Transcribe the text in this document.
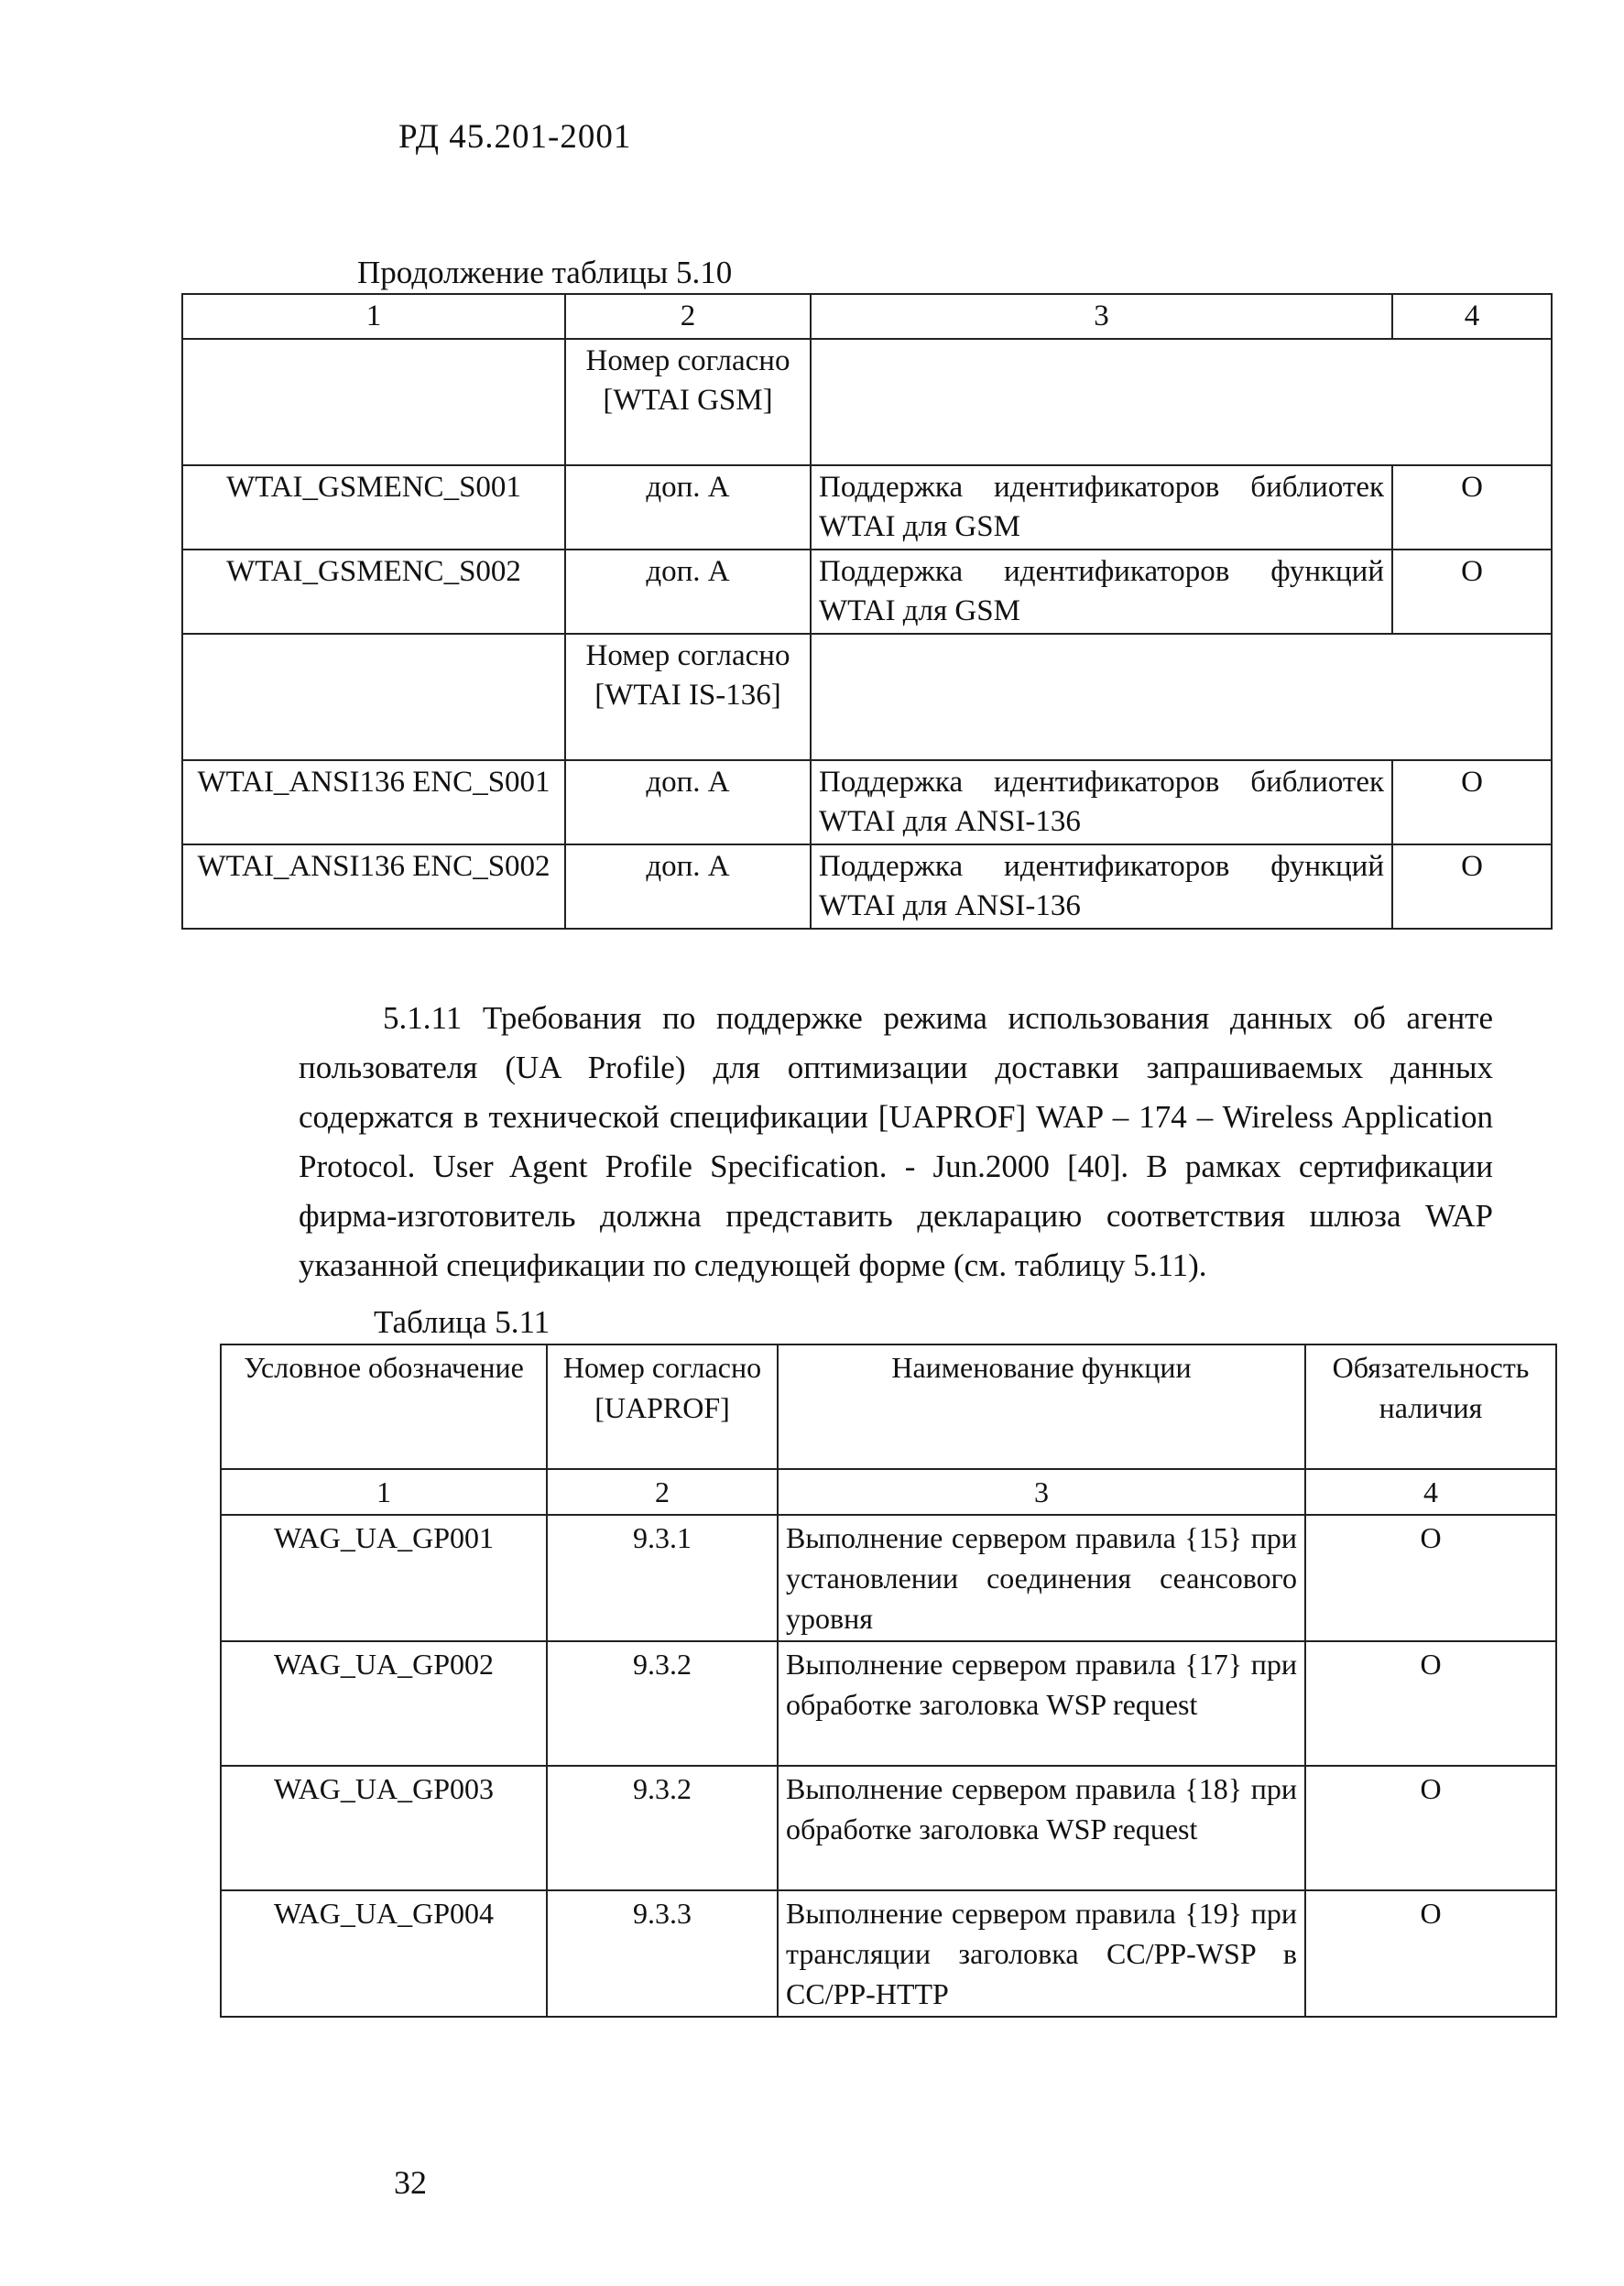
РД 45.201-2001
Продолжение таблицы 5.10
1	2	3	4
	Номер согласно [WTAI GSM]		
WTAI_GSMENC_S001	доп. А	Поддержка идентификаторов библиотек WTAI для GSM	O
WTAI_GSMENC_S002	доп. А	Поддержка идентификаторов функций WTAI для GSM	O
	Номер согласно [WTAI IS-136]		
WTAI_ANSI136 ENC_S001	доп. А	Поддержка идентификаторов библиотек WTAI для ANSI-136	O
WTAI_ANSI136 ENC_S002	доп. А	Поддержка идентификаторов функций WTAI для ANSI-136	O
5.1.11 Требования по поддержке режима использования данных об агенте пользователя (UA Profile) для оптимизации доставки запрашиваемых данных содержатся в технической спецификации [UAPROF] WAP – 174 – Wireless Application Protocol. User Agent Profile Specification. - Jun.2000 [40]. В рамках сертификации фирма-изготовитель должна представить декларацию соответствия шлюза WAP указанной спецификации по следующей форме (см. таблицу 5.11).
Таблица 5.11
Условное обозначение	Номер согласно [UAPROF]	Наименование функции	Обязательность наличия
1	2	3	4
WAG_UA_GP001	9.3.1	Выполнение сервером правила {15} при установлении соединения сеансового уровня	O
WAG_UA_GP002	9.3.2	Выполнение сервером правила {17} при обработке заголовка WSP request	O
WAG_UA_GP003	9.3.2	Выполнение сервером правила {18} при обработке заголовка WSP request	O
WAG_UA_GP004	9.3.3	Выполнение сервером правила {19} при трансляции заголовка CC/PP-WSP в CC/PP-HTTP	O
32
